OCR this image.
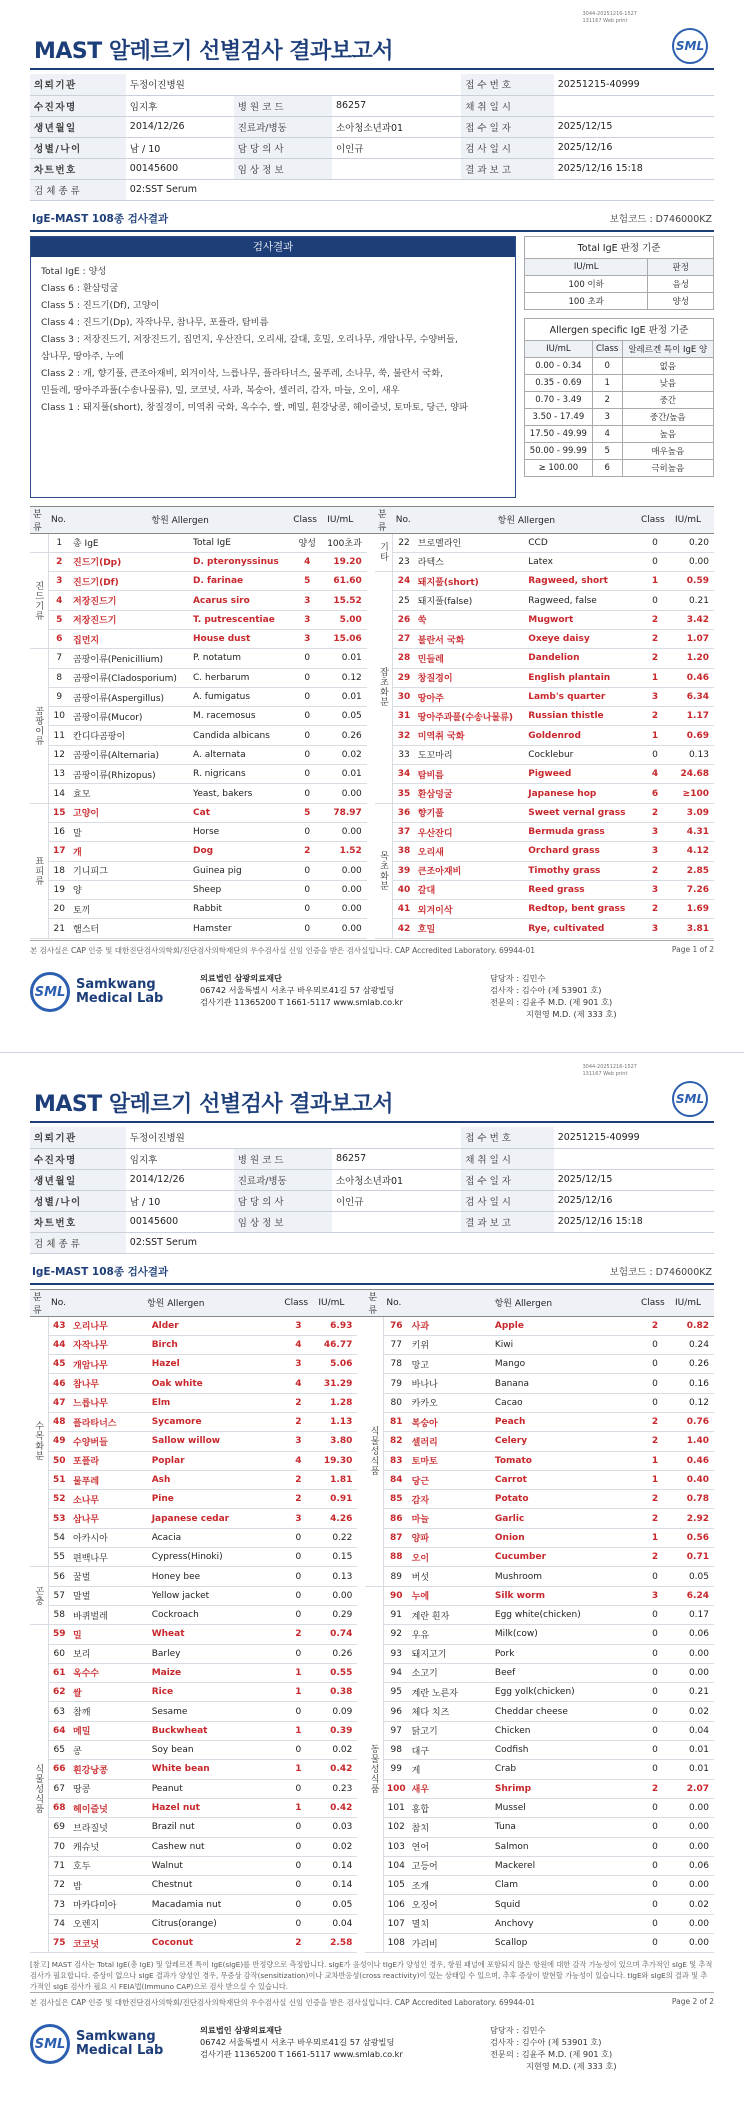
3044-20251216-1527
131167 Web print
MAST 알레르기 선별검사 결과보고서	SML
의뢰기관	두정이진병원			접 수 번 호	20251215-40999
수진자명	임지후	병 원 코 드	86257	채 취 일 시	
생년월일	2014/12/26	진료과/병동	소아청소년과01	접 수 일 자	2025/12/15
성별/나이	남 / 10	담 당 의 사	이인규	검 사 일 시	2025/12/16
차트번호	00145600	임 상 정 보		결 과 보 고	2025/12/16 15:18
검 체 종 류	02:SST Serum				
IgE-MAST 108종 검사결과	보험코드 : D746000KZ
검사결과
Total IgE : 양성
Class 6 : 환삼덩굴
Class 5 : 진드기(Df), 고양이
Class 4 : 진드기(Dp), 자작나무, 참나무, 포플라, 탐비름
Class 3 : 저장진드기, 저장진드기, 집먼지, 우산잔디, 오리새, 갈대, 호밀, 오리나무, 개암나무, 수양버들,
삼나무, 땅아주, 누에
Class 2 : 개, 향기풀, 큰조아재비, 외겨이삭, 느릅나무, 플라타너스, 물푸레, 소나무, 쑥, 불란서 국화,
민들레, 땅아주과풀(수송나물류), 밀, 코코넛, 사과, 복숭아, 셀러리, 감자, 마늘, 오이, 새우
Class 1 : 돼지풀(short), 창질경이, 미역취 국화, 옥수수, 쌀, 메밀, 흰강낭콩, 헤이즐넛, 토마토, 당근, 양파
Total IgE 판정 기준	
IU/mL	판정
100 이하	음성
100 초과	양성
Allergen specific IgE 판정 기준		
IU/mL	Class	알레르겐 특이 IgE 양
0.00 - 0.34	0	없음
0.35 - 0.69	1	낮음
0.70 - 3.49	2	중간
3.50 - 17.49	3	중간/높음
17.50 - 49.99	4	높음
50.00 - 99.99	5	매우높음
≥ 100.00	6	극히높음
분류	No.	항원 Allergen		Class	IU/mL		분류	No.	항원 Allergen		Class	IU/mL
	1	총 IgE	Total IgE	양성	100초과		기타	22	브로멜라인	CCD	0	0.20
진드기류	2	진드기(Dp)	D. pteronyssinus	4	19.20			23	라텍스	Latex	0	0.00
	3	진드기(Df)	D. farinae	5	61.60		잡초화분	24	돼지풀(short)	Ragweed, short	1	0.59
	4	저장진드기	Acarus siro	3	15.52			25	돼지풀(false)	Ragweed, false	0	0.21
	5	저장진드기	T. putrescentiae	3	5.00			26	쑥	Mugwort	2	3.42
	6	집먼지	House dust	3	15.06			27	불란서 국화	Oxeye daisy	2	1.07
곰팡이류	7	곰팡이류(Penicillium)	P. notatum	0	0.01			28	민들레	Dandelion	2	1.20
	8	곰팡이류(Cladosporium)	C. herbarum	0	0.12			29	창질경이	English plantain	1	0.46
	9	곰팡이류(Aspergillus)	A. fumigatus	0	0.01			30	땅아주	Lamb's quarter	3	6.34
	10	곰팡이류(Mucor)	M. racemosus	0	0.05			31	땅아주과풀(수송나물류)	Russian thistle	2	1.17
	11	칸디다곰팡이	Candida albicans	0	0.26			32	미역취 국화	Goldenrod	1	0.69
	12	곰팡이류(Alternaria)	A. alternata	0	0.02			33	도꼬마리	Cocklebur	0	0.13
	13	곰팡이류(Rhizopus)	R. nigricans	0	0.01			34	탐비름	Pigweed	4	24.68
	14	효모	Yeast, bakers	0	0.00			35	환삼덩굴	Japanese hop	6	≥100
표피류	15	고양이	Cat	5	78.97		목초화분	36	향기풀	Sweet vernal grass	2	3.09
	16	말	Horse	0	0.00			37	우산잔디	Bermuda grass	3	4.31
	17	개	Dog	2	1.52			38	오리새	Orchard grass	3	4.12
	18	기니피그	Guinea pig	0	0.00			39	큰조아재비	Timothy grass	2	2.85
	19	양	Sheep	0	0.00			40	갈대	Reed grass	3	7.26
	20	토끼	Rabbit	0	0.00			41	외겨이삭	Redtop, bent grass	2	1.69
	21	햄스터	Hamster	0	0.00			42	호밀	Rye, cultivated	3	3.81
본 검사실은 CAP 인증 및 대한진단검사의학회/진단검사의학재단의 우수검사실 신임 인증을 받은 검사실입니다. CAP Accredited Laboratory. 69944-01	Page 1 of 2
SML Samkwang
Medical Lab
의료법인 삼광의료재단
06742 서울특별시 서초구 바우뫼로41길 57 삼광빌딩
검사기관 11365200 T 1661-5117 www.smlab.co.kr
담당자 : 김민수
검사자 : 김수아 (제 53901 호)
전문의 : 김윤주 M.D. (제 901 호)
지현영 M.D. (제 333 호)
3044-20251216-1527
131167 Web print
MAST 알레르기 선별검사 결과보고서	SML
의뢰기관	두정이진병원			접 수 번 호	20251215-40999
수진자명	임지후	병 원 코 드	86257	채 취 일 시	
생년월일	2014/12/26	진료과/병동	소아청소년과01	접 수 일 자	2025/12/15
성별/나이	남 / 10	담 당 의 사	이인규	검 사 일 시	2025/12/16
차트번호	00145600	임 상 정 보		결 과 보 고	2025/12/16 15:18
검 체 종 류	02:SST Serum				
IgE-MAST 108종 검사결과	보험코드 : D746000KZ
분류	No.	항원 Allergen		Class	IU/mL		분류	No.	항원 Allergen		Class	IU/mL
수목화분	43	오리나무	Alder	3	6.93		식물성식품	76	사과	Apple	2	0.82
	44	자작나무	Birch	4	46.77			77	키위	Kiwi	0	0.24
	45	개암나무	Hazel	3	5.06			78	망고	Mango	0	0.26
	46	참나무	Oak white	4	31.29			79	바나나	Banana	0	0.16
	47	느릅나무	Elm	2	1.28			80	카카오	Cacao	0	0.12
	48	플라타너스	Sycamore	2	1.13			81	복숭아	Peach	2	0.76
	49	수양버들	Sallow willow	3	3.80			82	셀러리	Celery	2	1.40
	50	포플라	Poplar	4	19.30			83	토마토	Tomato	1	0.46
	51	물푸레	Ash	2	1.81			84	당근	Carrot	1	0.40
	52	소나무	Pine	2	0.91			85	감자	Potato	2	0.78
	53	삼나무	Japanese cedar	3	4.26			86	마늘	Garlic	2	2.92
	54	아카시아	Acacia	0	0.22			87	양파	Onion	1	0.56
	55	편백나무	Cypress(Hinoki)	0	0.15			88	오이	Cucumber	2	0.71
곤충	56	꿀벌	Honey bee	0	0.13			89	버섯	Mushroom	0	0.05
	57	말벌	Yellow jacket	0	0.00		동물성식품	90	누에	Silk worm	3	6.24
	58	바퀴벌레	Cockroach	0	0.29			91	계란 흰자	Egg white(chicken)	0	0.17
식물성식품	59	밀	Wheat	2	0.74			92	우유	Milk(cow)	0	0.06
	60	보리	Barley	0	0.26			93	돼지고기	Pork	0	0.00
	61	옥수수	Maize	1	0.55			94	소고기	Beef	0	0.00
	62	쌀	Rice	1	0.38			95	계란 노른자	Egg yolk(chicken)	0	0.21
	63	참깨	Sesame	0	0.09			96	체다 치즈	Cheddar cheese	0	0.02
	64	메밀	Buckwheat	1	0.39			97	닭고기	Chicken	0	0.04
	65	콩	Soy bean	0	0.02			98	대구	Codfish	0	0.01
	66	흰강낭콩	White bean	1	0.42			99	게	Crab	0	0.01
	67	땅콩	Peanut	0	0.23			100	새우	Shrimp	2	2.07
	68	헤이즐넛	Hazel nut	1	0.42			101	홍합	Mussel	0	0.00
	69	브라질넛	Brazil nut	0	0.03			102	참치	Tuna	0	0.00
	70	캐슈넛	Cashew nut	0	0.02			103	연어	Salmon	0	0.00
	71	호두	Walnut	0	0.14			104	고등어	Mackerel	0	0.06
	72	밤	Chestnut	0	0.14			105	조개	Clam	0	0.00
	73	마카다미아	Macadamia nut	0	0.05			106	오징어	Squid	0	0.02
	74	오렌지	Citrus(orange)	0	0.04			107	멸치	Anchovy	0	0.00
	75	코코넛	Coconut	2	2.58			108	가리비	Scallop	0	0.00
[참고] MAST 검사는 Total IgE(총 IgE) 및 알레르겐 특이 IgE(sIgE)를 반정량으로 측정합니다. sIgE가 음성이나 tIgE가 양성인 경우, 항원 패널에 포함되지 않은 항원에 대한 감작 가능성이 있으며 추가적인 sIgE 및 추적검사가 필요합니다. 증상이 없으나 sIgE 결과가 양성인 경우, 무증상 감작(sensitization)이나 교차반응성(cross reactivity)이 있는 상태일 수 있으며, 추후 증상이 발현할 가능성이 있습니다. tIgE와 sIgE의 결과 및 추가적인 sIgE 검사가 필요 시 FEIA법(Immuno CAP)으로 검사 받으실 수 있습니다.
본 검사실은 CAP 인증 및 대한진단검사의학회/진단검사의학재단의 우수검사실 신임 인증을 받은 검사실입니다. CAP Accredited Laboratory. 69944-01	Page 2 of 2
SML Samkwang
Medical Lab
의료법인 삼광의료재단
06742 서울특별시 서초구 바우뫼로41길 57 삼광빌딩
검사기관 11365200 T 1661-5117 www.smlab.co.kr
담당자 : 김민수
검사자 : 김수아 (제 53901 호)
전문의 : 김윤주 M.D. (제 901 호)
지현영 M.D. (제 333 호)
